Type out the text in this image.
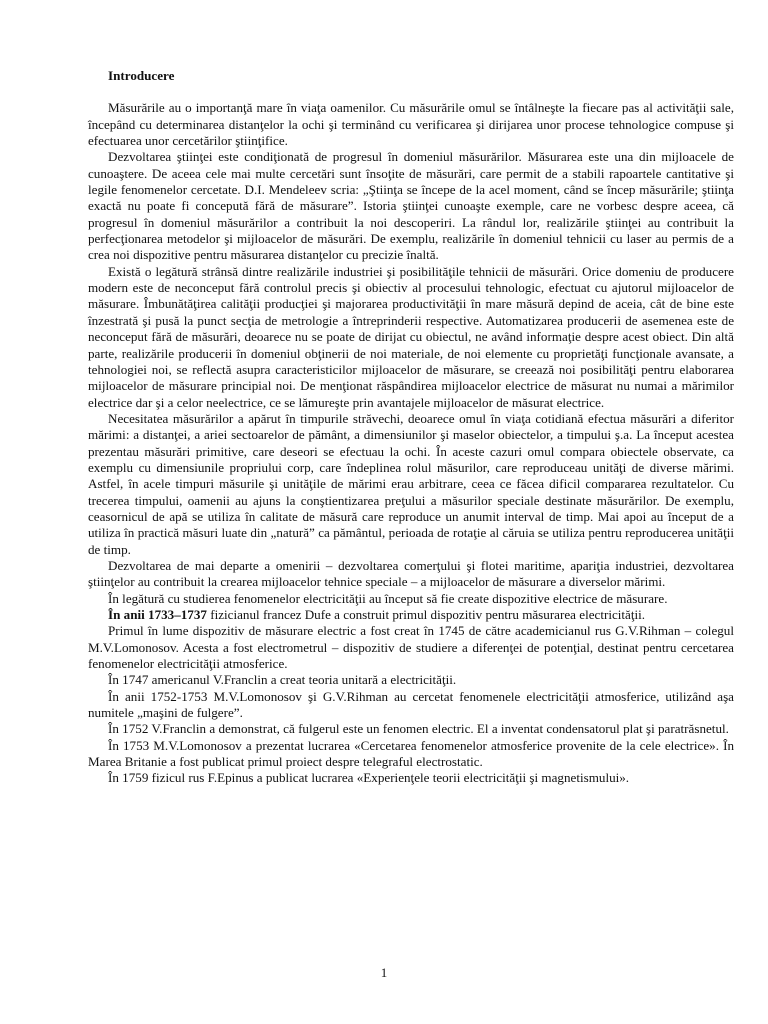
Introducere

Măsurările au o importanţă mare în viaţa oamenilor. Cu măsurările omul se întâlneşte la fiecare pas al activităţii sale, începând cu determinarea distanţelor la ochi şi terminând cu verificarea şi dirijarea unor procese tehnologice compuse şi efectuarea unor cercetărilor ştiinţifice.

Dezvoltarea ştiinţei este condiţionată de progresul în domeniul măsurărilor. Măsurarea este una din mijloacele de cunoaştere. De aceea cele mai multe cercetări sunt însoţite de măsurări, care permit de a stabili rapoartele cantitative şi legile fenomenelor cercetate. D.I. Mendeleev scria: „Ştiinţa se începe de la acel moment, când se încep măsurările; ştiinţa exactă nu poate fi concepută fără de măsurare”. Istoria ştiinţei cunoaşte exemple, care ne vorbesc despre aceea, că progresul în domeniul măsurărilor a contribuit la noi descoperiri. La rândul lor, realizările ştiinţei au contribuit la perfecţionarea metodelor şi mijloacelor de măsurări. De exemplu, realizările în domeniul tehnicii cu laser au permis de a crea noi dispozitive pentru măsurarea distanţelor cu precizie înaltă.

Există o legătură strânsă dintre realizările industriei şi posibilităţile tehnicii de măsurări. Orice domeniu de producere modern este de neconceput fără controlul precis şi obiectiv al procesului tehnologic, efectuat cu ajutorul mijloacelor de măsurare. Îmbunătăţirea calităţii producţiei şi majorarea productivităţii în mare măsură depind de aceia, cât de bine este înzestrată şi pusă la punct secţia de metrologie a întreprinderii respective. Automatizarea producerii de asemenea este de neconceput fără de măsurări, deoarece nu se poate de dirijat cu obiectul, ne având informaţie despre acest obiect. Din altă parte, realizările producerii în domeniul obţinerii de noi materiale, de noi elemente cu proprietăţi funcţionale avansate, a tehnologiei noi, se reflectă asupra caracteristicilor mijloacelor de măsurare, se creează noi posibilităţi pentru elaborarea mijloacelor de măsurare principial noi. De menţionat răspândirea mijloacelor electrice de măsurat nu numai a mărimilor electrice dar şi a celor neelectrice, ce se lămureşte prin avantajele mijloacelor de măsurat electrice.

Necesitatea măsurărilor a apărut în timpurile străvechi, deoarece omul în viaţa cotidiană efectua măsurări a diferitor mărimi: a distanţei, a ariei sectoarelor de pământ, a dimensiunilor şi maselor obiectelor, a timpului ş.a. La început acestea prezentau măsurări primitive, care deseori se efectuau la ochi. În aceste cazuri omul compara obiectele observate, ca exemplu cu dimensiunile propriului corp, care îndeplinea rolul măsurilor, care reproduceau unităţi de diverse mărimi. Astfel, în acele timpuri măsurile şi unităţile de mărimi erau arbitrare, ceea ce făcea dificil compararea rezultatelor. Cu trecerea timpului, oamenii au ajuns la conştientizarea preţului a măsurilor speciale destinate măsurărilor. De exemplu, ceasornicul de apă se utiliza în calitate de măsură care reproduce un anumit interval de timp. Mai apoi au început de a utiliza în practică măsuri luate din „natură” ca pământul, perioada de rotaţie al căruia se utiliza pentru reproducerea unităţii de timp.

Dezvoltarea de mai departe a omenirii – dezvoltarea comerţului şi flotei maritime, apariţia industriei, dezvoltarea ştiinţelor au contribuit la crearea mijloacelor tehnice speciale – a mijloacelor de măsurare a diverselor mărimi.

În legătură cu studierea fenomenelor electricităţii au început să fie create dispozitive electrice de măsurare.

În anii 1733–1737 fizicianul francez Dufe a construit primul dispozitiv pentru măsurarea electricităţii.

Primul în lume dispozitiv de măsurare electric a fost creat în 1745 de către academicianul rus G.V.Rihman – colegul M.V.Lomonosov. Acesta a fost electrometrul – dispozitiv de studiere a diferenţei de potenţial, destinat pentru cercetarea fenomenelor electricităţii atmosferice.

În 1747 americanul V.Franclin a creat teoria unitară a electricităţii.

În anii 1752-1753 M.V.Lomonosov şi G.V.Rihman au cercetat fenomenele electricităţii atmosferice, utilizând aşa numitele „maşini de fulgere”.

În 1752 V.Franclin a demonstrat, că fulgerul este un fenomen electric. El a inventat condensatorul plat şi paratrăsnetul.

În 1753 M.V.Lomonosov a prezentat lucrarea «Cercetarea fenomenelor atmosferice provenite de la cele electrice». În Marea Britanie a fost publicat primul proiect despre telegraful electrostatic.

În 1759 fizicul rus F.Epinus a publicat lucrarea «Experienţele teorii electricităţii şi magnetismului».

1
